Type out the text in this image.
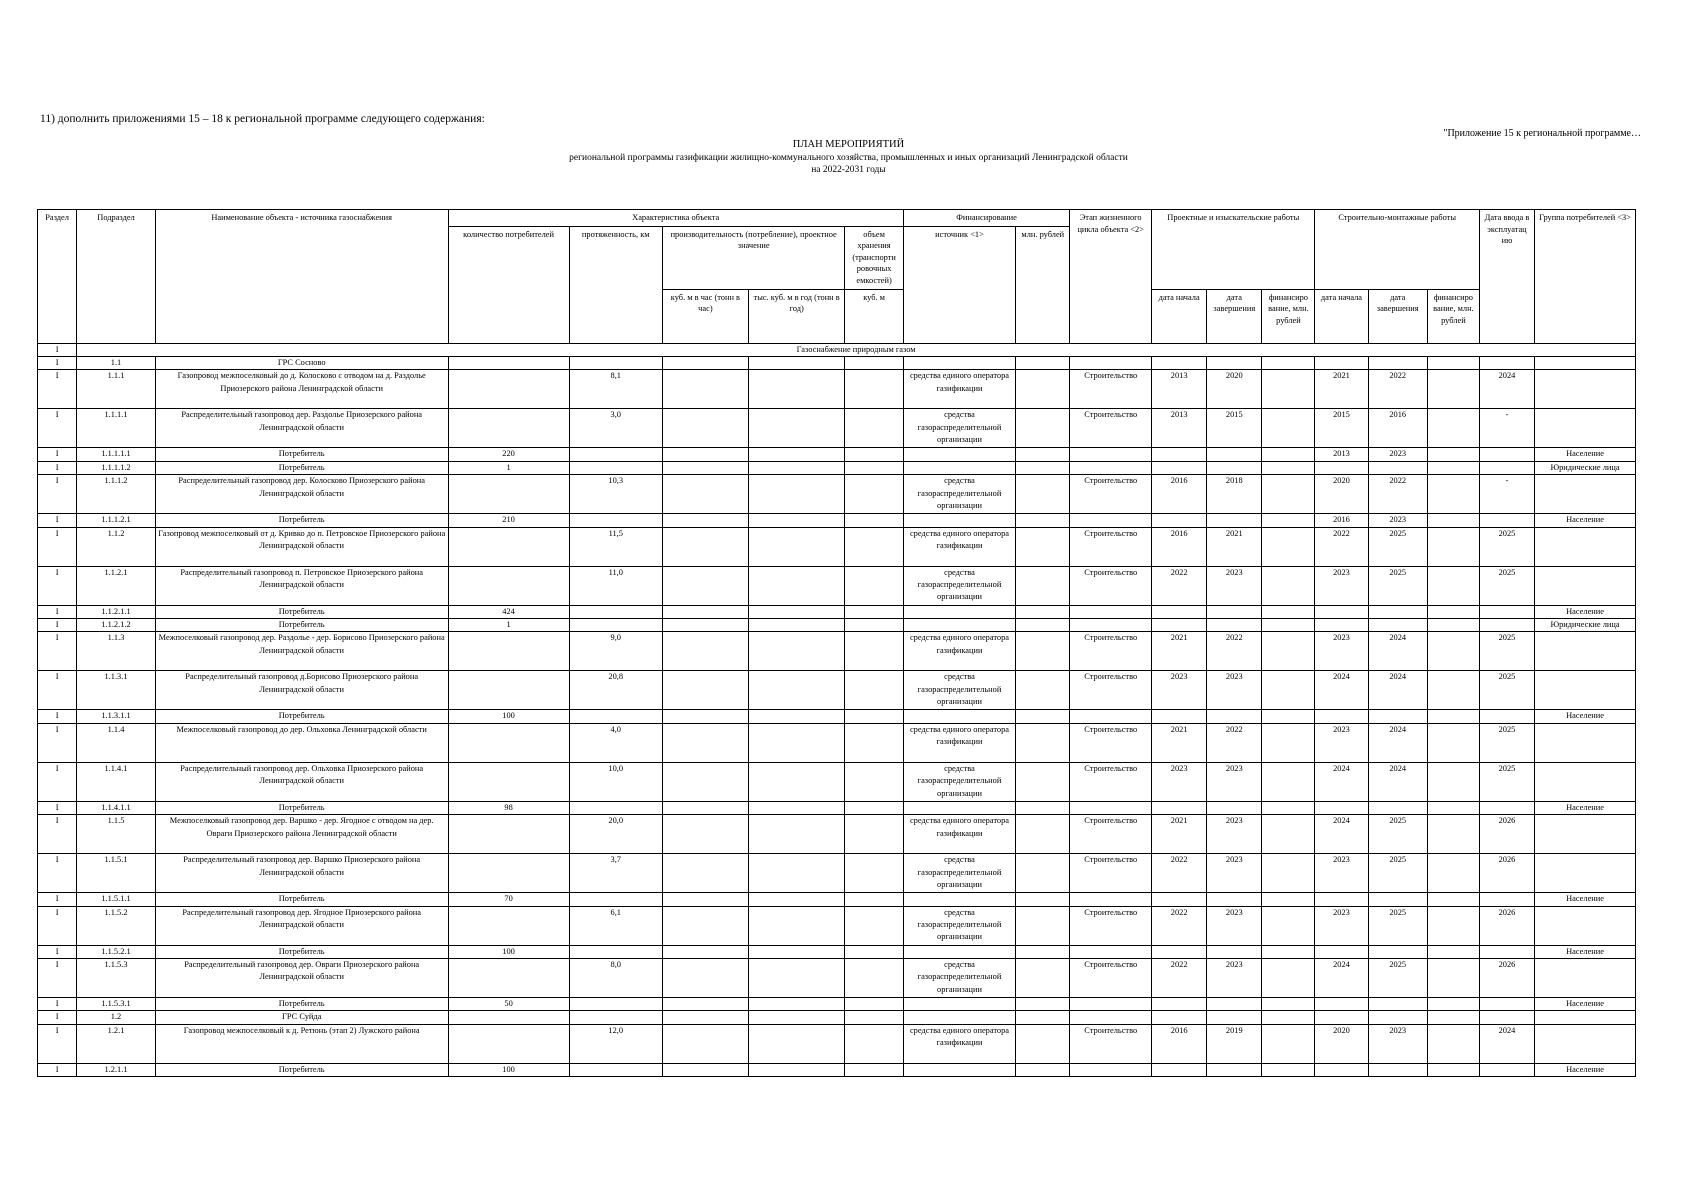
11) дополнить приложениями 15 – 18 к региональной программе следующего содержания:
"Приложение 15 к региональной программе…
ПЛАН МЕРОПРИЯТИЙ
региональной программы газификации жилищно-коммунального хозяйства, промышленных и иных организаций Ленинградской области
на 2022-2031 годы
Раздел	Подраздел	Наименование объекта - источника газоснабжения	Характеристика объекта					Финансирование		Этап жизненного цикла объекта <2>	Проектные и изыскательские работы			Строительно-монтажные работы			Дата ввода в эксплуатац ию	Группа потребителей <3>
			количество потребителей	протяженность, км	производительность (потребление), проектное значение		объем хранения (транспорти ровочных емкостей)	источник <1>	млн. рублей									
					куб. м в час (тонн в час)	тыс. куб. м в год (тонн в год)	куб. м				дата начала	дата завершения	финансиро вание, млн. рублей	дата начала	дата завершения	финансиро вание, млн. рублей		
I	Газоснабжение природным газом																	
I	1.1	ГРС Сосново																
I	1.1.1	Газопровод межпоселковый до д. Колосково с отводом на д. Раздолье Приозерского района Ленинградской области		8,1				средства единого оператора газификации		Строительство	2013	2020		2021	2022		2024	
I	1.1.1.1	Распределительный газопровод дер. Раздолье Приозерского района Ленинградской области		3,0				средства газораспределительной организации		Строительство	2013	2015		2015	2016		-	
I	1.1.1.1.1	Потребитель	220											2013	2023			Население
I	1.1.1.1.2	Потребитель	1															Юридические лица
I	1.1.1.2	Распределительный газопровод дер. Колосково Приозерского района Ленинградской области		10,3				средства газораспределительной организации		Строительство	2016	2018		2020	2022		-	
I	1.1.1.2.1	Потребитель	210											2016	2023			Население
I	1.1.2	Газопровод межпоселковый от д. Кривко до п. Петровское Приозерского района Ленинградской области		11,5				средства единого оператора газификации		Строительство	2016	2021		2022	2025		2025	
I	1.1.2.1	Распределительный газопровод п. Петровское Приозерского района Ленинградской области		11,0				средства газораспределительной организации		Строительство	2022	2023		2023	2025		2025	
I	1.1.2.1.1	Потребитель	424															Население
I	1.1.2.1.2	Потребитель	1															Юридические лица
I	1.1.3	Межпоселковый газопровод дер. Раздолье - дер. Борисово Приозерского района Ленинградской области		9,0				средства единого оператора газификации		Строительство	2021	2022		2023	2024		2025	
I	1.1.3.1	Распределительный газопровод д.Борисово Приозерского района Ленинградской области		20,8				средства газораспределительной организации		Строительство	2023	2023		2024	2024		2025	
I	1.1.3.1.1	Потребитель	100															Население
I	1.1.4	Межпоселковый газопровод до дер. Ольховка Ленинградской области		4,0				средства единого оператора газификации		Строительство	2021	2022		2023	2024		2025	
I	1.1.4.1	Распределительный газопровод дер. Ольховка Приозерского района Ленинградской области		10,0				средства газораспределительной организации		Строительство	2023	2023		2024	2024		2025	
I	1.1.4.1.1	Потребитель	98															Население
I	1.1.5	Межпоселковый газопровод дер. Варшко - дер. Ягодное с отводом на дер. Овраги Приозерского района Ленинградской области		20,0				средства единого оператора газификации		Строительство	2021	2023		2024	2025		2026	
I	1.1.5.1	Распределительный газопровод дер. Варшко Приозерского района Ленинградской области		3,7				средства газораспределительной организации		Строительство	2022	2023		2023	2025		2026	
I	1.1.5.1.1	Потребитель	70															Население
I	1.1.5.2	Распределительный газопровод дер. Ягодное Приозерского района Ленинградской области		6,1				средства газораспределительной организации		Строительство	2022	2023		2023	2025		2026	
I	1.1.5.2.1	Потребитель	100															Население
I	1.1.5.3	Распределительный газопровод дер. Овраги Приозерского района Ленинградской области		8,0				средства газораспределительной организации		Строительство	2022	2023		2024	2025		2026	
I	1.1.5.3.1	Потребитель	50															Население
I	1.2	ГРС Суйда																
I	1.2.1	Газопровод межпоселковый к д. Ретюнь (этап 2) Лужского района		12,0				средства единого оператора газификации		Строительство	2016	2019		2020	2023		2024	
I	1.2.1.1	Потребитель	100															Население
